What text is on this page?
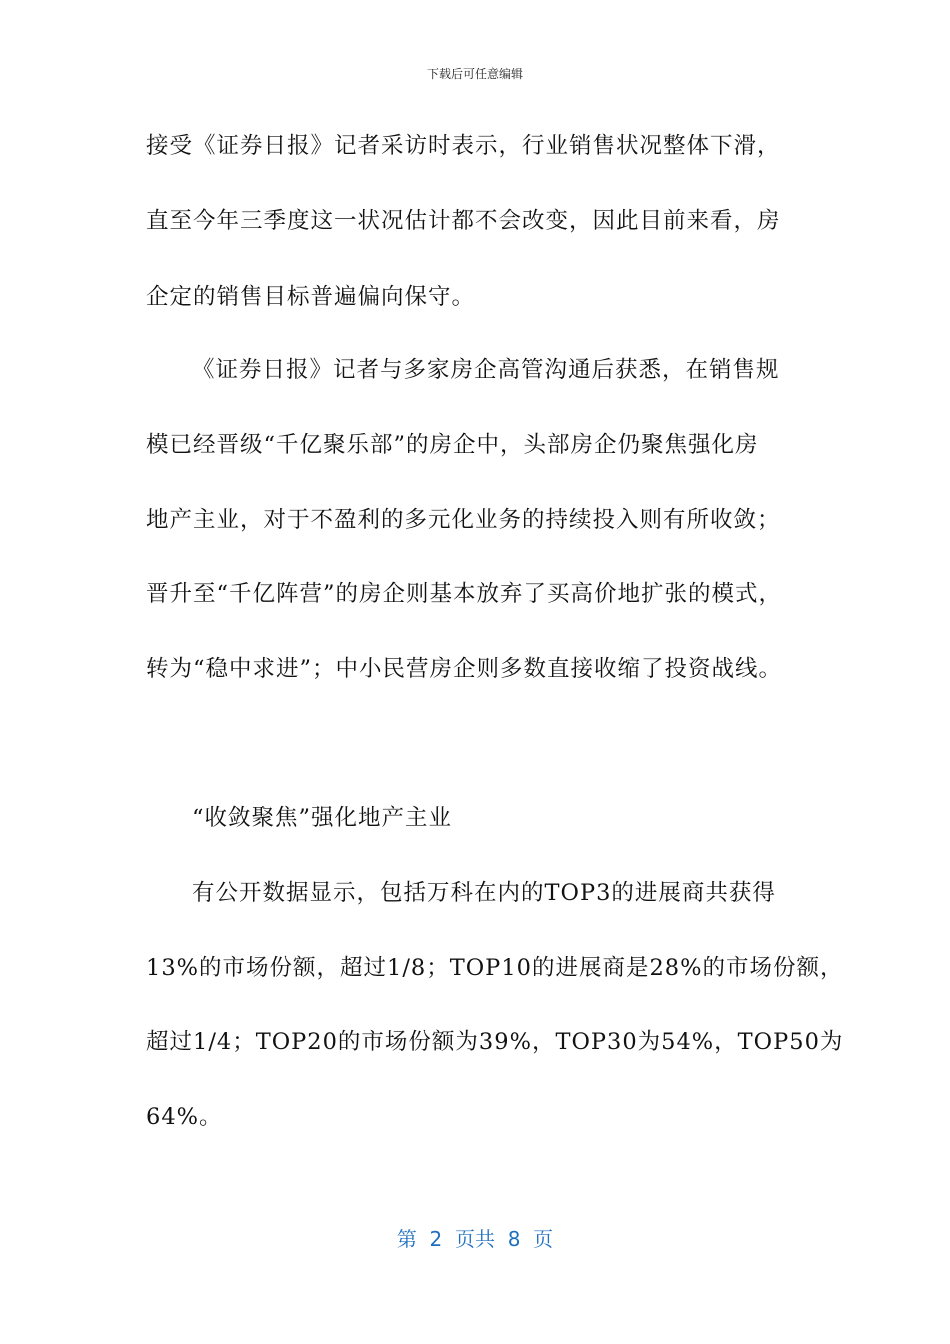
下载后可任意编辑
接受《证券日报》记者采访时表示，行业销售状况整体下滑，
直至今年三季度这一状况估计都不会改变，因此目前来看，房
企定的销售目标普遍偏向保守。
《证券日报》记者与多家房企高管沟通后获悉，在销售规
模已经晋级“千亿聚乐部”的房企中，头部房企仍聚焦强化房
地产主业，对于不盈利的多元化业务的持续投入则有所收敛；
晋升至“千亿阵营”的房企则基本放弃了买高价地扩张的模式，
转为“稳中求进”；中小民营房企则多数直接收缩了投资战线。
“收敛聚焦”强化地产主业
有公开数据显示，包括万科在内的TOP3的进展商共获得
13%的市场份额，超过1/8；TOP10的进展商是28%的市场份额，
超过1/4；TOP20的市场份额为39%，TOP30为54%，TOP50为
64%。
第  2  页共  8  页
